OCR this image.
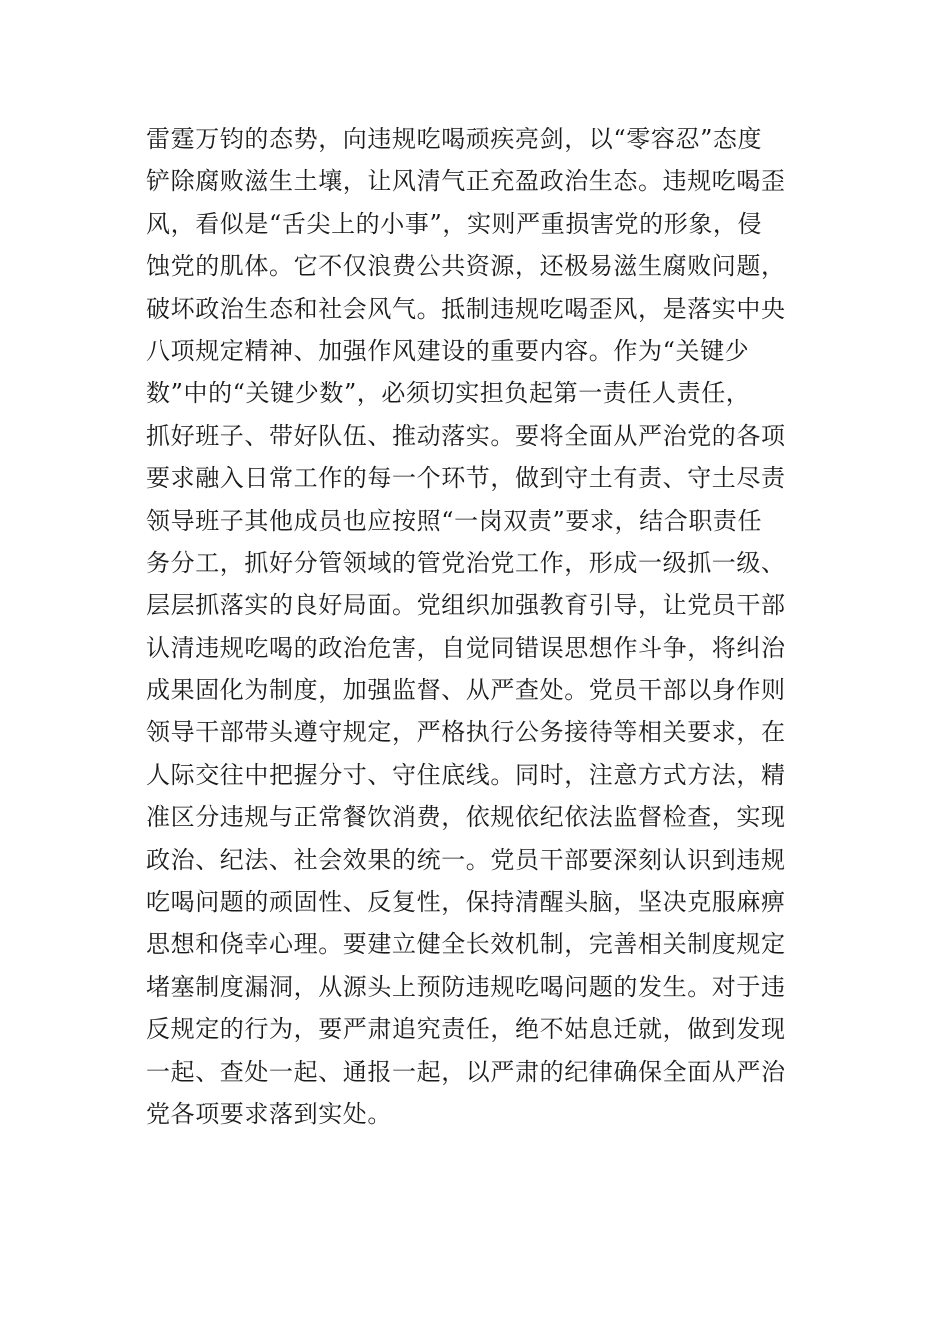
雷霆万钧的态势，向违规吃喝顽疾亮剑，以“零容忍”态度
铲除腐败滋生土壤，让风清气正充盈政治生态。违规吃喝歪
风，看似是“舌尖上的小事”，实则严重损害党的形象，侵
蚀党的肌体。它不仅浪费公共资源，还极易滋生腐败问题，
破坏政治生态和社会风气。抵制违规吃喝歪风，是落实中央
八项规定精神、加强作风建设的重要内容。作为“关键少
数”中的“关键少数”，必须切实担负起第一责任人责任，
抓好班子、带好队伍、推动落实。要将全面从严治党的各项
要求融入日常工作的每一个环节，做到守土有责、守土尽责
领导班子其他成员也应按照“一岗双责”要求，结合职责任
务分工，抓好分管领域的管党治党工作，形成一级抓一级、
层层抓落实的良好局面。党组织加强教育引导，让党员干部
认清违规吃喝的政治危害，自觉同错误思想作斗争，将纠治
成果固化为制度，加强监督、从严查处。党员干部以身作则
领导干部带头遵守规定，严格执行公务接待等相关要求，在
人际交往中把握分寸、守住底线。同时，注意方式方法，精
准区分违规与正常餐饮消费，依规依纪依法监督检查，实现
政治、纪法、社会效果的统一。党员干部要深刻认识到违规
吃喝问题的顽固性、反复性，保持清醒头脑，坚决克服麻痹
思想和侥幸心理。要建立健全长效机制，完善相关制度规定
堵塞制度漏洞，从源头上预防违规吃喝问题的发生。对于违
反规定的行为，要严肃追究责任，绝不姑息迁就，做到发现
一起、查处一起、通报一起，以严肃的纪律确保全面从严治
党各项要求落到实处。
